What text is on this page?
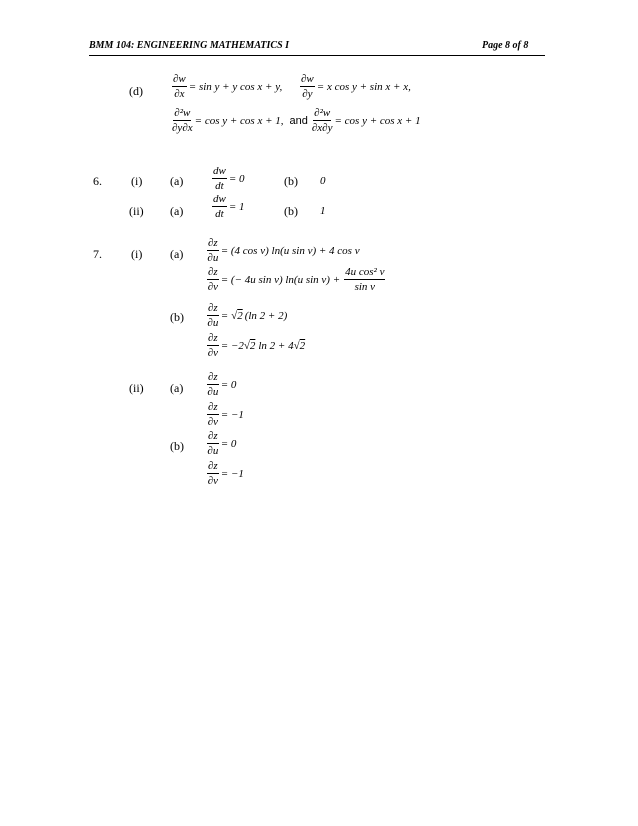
BMM 104: ENGINEERING MATHEMATICS I	Page 8 of 8
(d)	$\frac{\partial w}{\partial x} = \sin y + y$ cos x + y, $\frac{\partial w}{\partial y} = x$ cos y + sin x + x,
$\frac{\text{∂²w}}{\partial y\partial x} = \cos y + \cos x + 1$, and $\frac{\text{∂²w}}{\partial x\partial y} = \cos y + \cos x + 1$
6. (i) (a)	$\frac{dw}{dt} = 0$	(b) 0
(ii) (a)	$\frac{dw}{dt} = 1$	(b) 1
7. (i) $(a) \frac{\partial z}{\partial u} = (4$ cos v) ln(u sin v) + 4 cos v
$\frac{\partial z}{\partial v}$ = (− 4u sin v) ln(u $\sin v) + \frac{\text{4u cos² v}}{\text{sin v}}$
$(b) \frac{\partial z}{\partial u}$ = √ 2 (ln 2 + 2)
$\frac{\partial z}{\partial v} = -2$ √ 2 ln 2 + 4 √ 2
(ii) $(a) \frac{\partial z}{\partial u} = 0$
$\frac{\partial z}{\partial v} = -1$
$(b) \frac{\partial z}{\partial u} = 0$
$\frac{\partial z}{\partial v} = -1$
